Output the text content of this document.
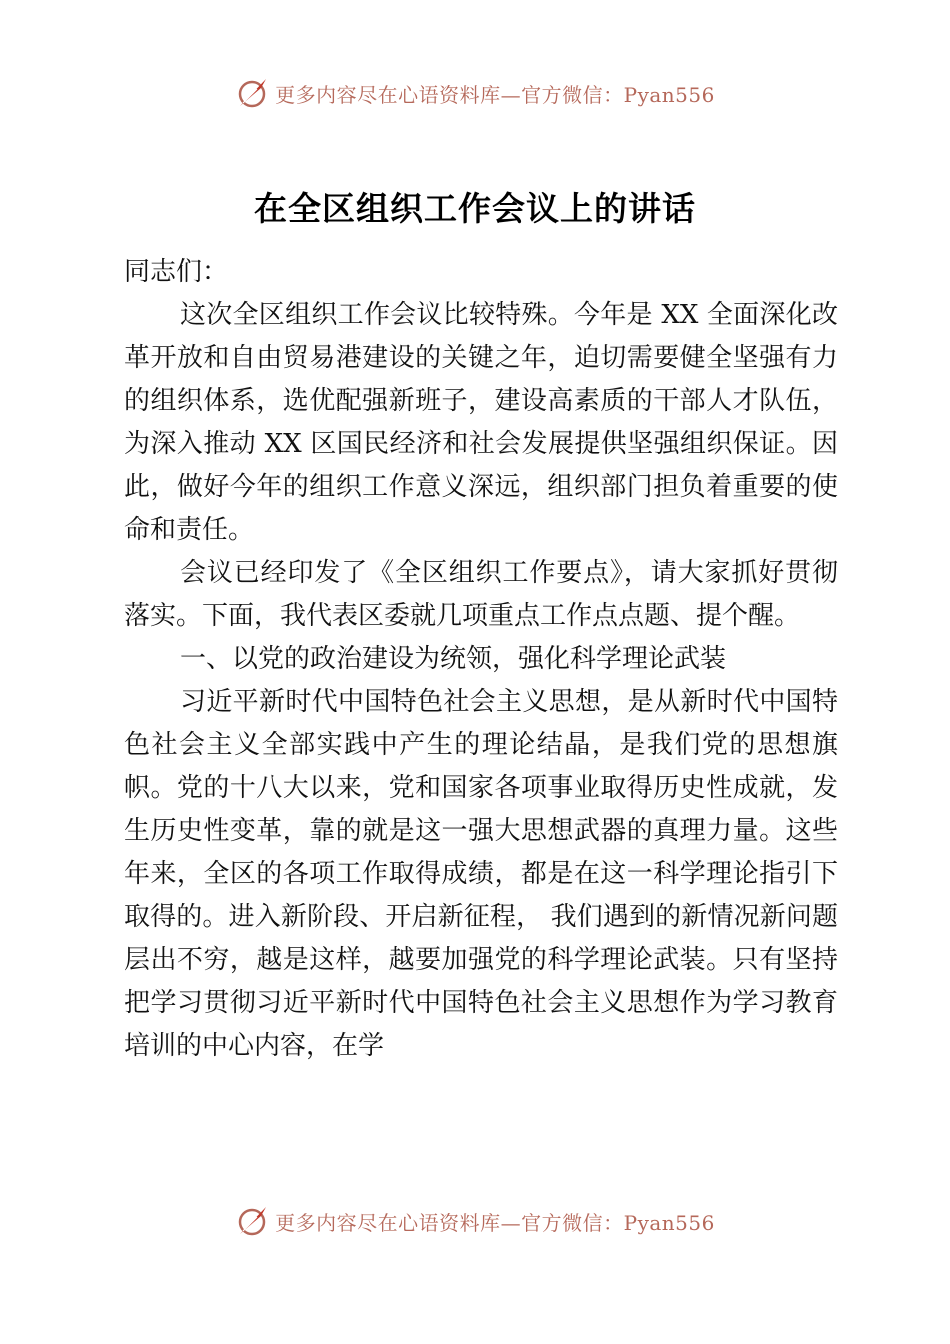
更多内容尽在心语资料库—官方微信：Pyan556
在全区组织工作会议上的讲话

同志们：

这次全区组织工作会议比较特殊。今年是 XX 全面深化改革开放和自由贸易港建设的关键之年，迫切需要健全坚强有力的组织体系，选优配强新班子，建设高素质的干部人才队伍，为深入推动 XX 区国民经济和社会发展提供坚强组织保证。因此，做好今年的组织工作意义深远，组织部门担负着重要的使命和责任。

会议已经印发了《全区组织工作要点》，请大家抓好贯彻落实。下面，我代表区委就几项重点工作点点题、提个醒。

一、以党的政治建设为统领，强化科学理论武装

习近平新时代中国特色社会主义思想，是从新时代中国特色社会主义全部实践中产生的理论结晶，是我们党的思想旗帜。党的十八大以来，党和国家各项事业取得历史性成就，发生历史性变革，靠的就是这一强大思想武器的真理力量。这些年来，全区的各项工作取得成绩，都是在这一科学理论指引下取得的。进入新阶段、开启新征程， 我们遇到的新情况新问题层出不穷，越是这样，越要加强党的科学理论武装。只有坚持把学习贯彻习近平新时代中国特色社会主义思想作为学习教育培训的中心内容，在学

更多内容尽在心语资料库—官方微信：Pyan556
